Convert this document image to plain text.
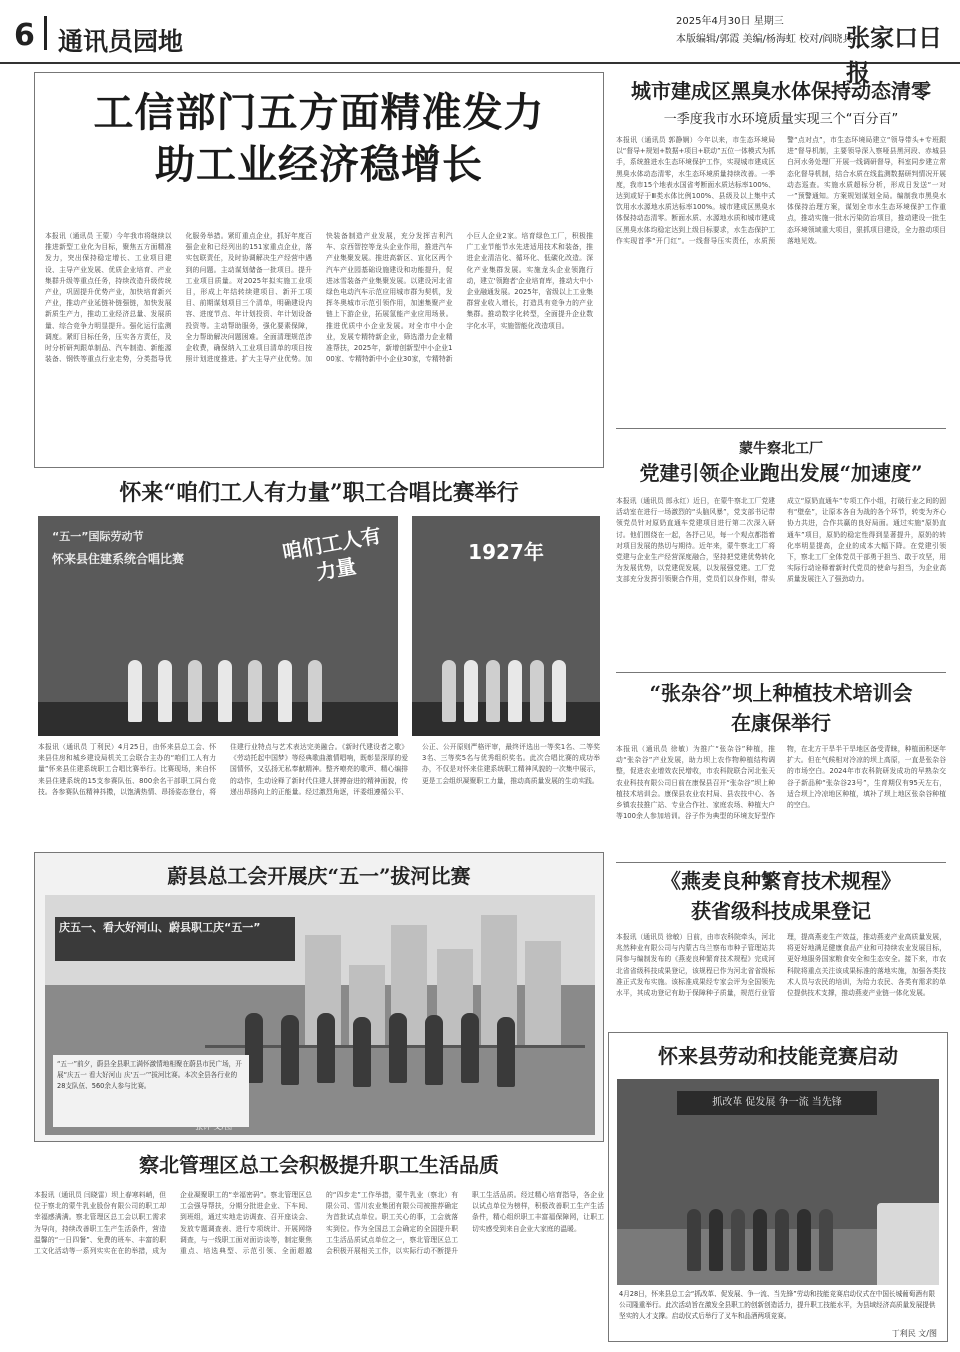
6 通讯员园地
2025年4月30日 星期三
本版编辑/郭霞 美编/杨海虹 校对/阎晓兵
张家口日报
工信部门五方面精准发力
助工业经济稳增长
本报讯（通讯员 王蒙）今年我市将继续以推进新型工业化为目标，聚焦五方面精准发力，突出保持稳定增长、工业项目建设、主导产业发展、优质企业培育、产业集群升级等重点任务，持续改造升级传统产业，巩固提升优势产业，加快培育新兴产业，推动产业延链补链强链，加快发展新质生产力，推动工业经济总量、发展质量、综合竞争力明显提升。强化运行监测调度。紧盯目标任务，压实各方责任，及时分析研判跟单制品、汽车制造、新能源装备、钢铁等重点行业走势，分类指导优化服务举措。紧盯重点企业，抓好年度百强企业和已经列出的151家重点企业，落实包联责任，及时协调解决生产经营中遇到的问题。主动谋划储备一批项目。提升工业项目质量。对2025年拟实施工业项目，形成上年结转续建项目、新开工项目、前期谋划项目三个清单，明确建设内容、进度节点、年计划投资、年计划设备投资等。主动帮助服务，强化要素保障，全力帮助解决问题困难。全面清理规范涉企收费，确保纳入工业项目清单的项目按照计划进度推进。扩大主导产业优势。加快装备制造产业发展，充分发挥吉利汽车、京西智控等龙头企业作用，推进汽车产业集聚发展。推进高新区、宣化区两个汽车产业园基础设施建设和功能提升，促进冰雪装备产业集聚发展。以建设河北省绿色电动汽车示范应用城市群为契机，发挥冬奥城市示范引领作用，加速集聚产业链上下游企业，拓展氢能产业应用场景。推进优质中小企业发展。对全市中小企业，发展专精特新企业，筛选潜力企业精准帮扶，2025年，新增创新型中小企业100家、专精特新中小企业30家，专精特新小巨人企业2家。培育绿色工厂，积极推广工业节能节水先进适用技术和装备，推进企业清洁化、循环化、低碳化改造。深化产业集群发展。实施龙头企业领跑行动，建立'领跑者'企业培育库，推动大中小企业融通发展。2025年，省级以上工业集群营业收入增长，打造具有竞争力的产业集群。推动数字化转型，全面提升企业数字化水平，实施智能化改造项目。
城市建成区黑臭水体保持动态清零
一季度我市水环境质量实现三个“百分百”
本报讯（通讯员 郭静娴）今年以来，市生态环境局以“督导+规划+数据+项目+联动”五位一体模式为抓手，系统推进水生态环境保护工作，实现城市建成区黑臭水体动态清零，水生态环境质量持续改善。一季度，我市15个地表水国省考断面水质达标率100%、达到或好于Ⅲ类水体比例100%、县级及以上集中式饮用水水源地水质达标率100%。城市建成区黑臭水体保持动态清零。断面水质、水源地水质和城市建成区黑臭水体均稳定达到上级目标要求，水生态保护工作实现首季“开门红”。一线督导压实责任，水质预警“点对点”，市生态环境局建立“领导带头+专班跟进”督导机制，主要领导深入察哑县黑河段、赤城县白河水务处理厂开展一线调研督导，科室同步建立常态化督导机制，结合水质在线监测数据研判情况开展动态巡查。实施水质超标分析，形成日发送“一对一”预警通知。方案规划谋划全局。编制我市黑臭水体保持治理方案，谋划全市水生态环境保护工作重点，推动实施一批水污染防治项目，推动建设一批生态环境领域重大项目，狠抓项目建设，全力推动项目落地见效。
蒙牛察北工厂
党建引领企业跑出发展“加速度”
本报讯（通讯员 郎永红）近日，在蒙牛察北工厂党建活动室在进行一场激烈的“头脑风暴”，党支部书记带领党员针对原奶直通车党建项目进行第二次深入研讨。他们围绕在一起，各抒己见，每一个观点都指着对项目发展的热切与期待。近年来，蒙牛察北工厂将党建与企业生产经营深度融合，坚持把党建优势转化为发展优势，以党建促发展，以发展强党建。工厂党支部充分发挥引领聚合作用，党员们以身作则，带头成立“原奶直通车”专项工作小组，打破行业之间的固有“壁垒”，让原本各自为战的各个环节，转变为齐心协力共进，合作共赢的良好局面。通过实施“原奶直通车”项目，原奶的稳定性得到显著提升，原奶的转化率明显提高，企业的成本大幅下降。在党建引领下，察北工厂全体党员干部勇于担当、敢于攻坚，用实际行动诠释着新时代党员的使命与担当，为企业高质量发展注入了强劲动力。
“张杂谷”坝上种植技术培训会
在康保举行
本报讯（通讯员 徐敏）为推广“张杂谷”种植，推动“张杂谷”产业发展，助力坝上农作物种植结构调整，促进农业增效农民增收，市农科院联合河北张天农业科技有限公司日前在康保县召开“张杂谷”坝上种植技术培训会。康保县农业农村局、县农技中心、各乡镇农技推广站、专业合作社、家庭农场、种植大户等100余人参加培训。谷子作为典型的环境友好型作物，在北方干旱半干旱地区备受青睐，种植面积逐年扩大。但在气候相对冷凉的坝上高原，一直是张杂谷的市场空白。2024年市农科院研发成功的早熟杂交谷子新品种“张杂谷23号”，生育期仅有95天左右，适合坝上冷凉地区种植，填补了坝上地区张杂谷种植的空白。
《燕麦良种繁育技术规程》
获省级科技成果登记
本报讯（通讯员 徐敏）日前，由市农科院牵头，河北兆然种业有限公司与内蒙古乌兰察布市种子管理站共同参与编制发布的《燕麦良种繁育技术规程》完成河北省省级科技成果登记，该规程已作为河北省省级标准正式发布实施。该标准成果经专家会评为全国领先水平，其成功登记有助于保障种子质量，规范行业管理，提高燕麦生产效益，推动燕麦产业高质量发展，将更好地满足健康食品产业和可持续农业发展目标，更好地服务国家粮食安全和生态安全。接下来，市农科院将重点关注该成果标准的落地实施，加强各类技术人员与农民的培训，为给力农民、各类有需求的单位提供技术支撑，推动燕麦产业链一体化发展。
怀来县劳动和技能竞赛启动
抓改革 促发展 争一流 当先锋
4月28日，怀来县总工会“抓改革、促发展、争一流、当先锋”劳动和技能竞赛启动仪式在中国长城葡萄酒有限公司隆重举行。此次活动旨在激发全县职工的创新创造活力，提升职工技能水平，为县域经济高质量发展提供坚实的人才支撑。启动仪式后举行了叉车和品酒两项竞赛。
丁利民 文/图
怀来“咱们工人有力量”职工合唱比赛举行
“五一”国际劳动节
怀来县住建系统合唱比赛	咱们工人有力量
1927年
本报讯（通讯员 丁利民）4月25日，由怀来县总工会、怀来县住房和城乡建设局机关工会联合主办的“咱们工人有力量”怀来县住建系统职工合唱比赛举行。比赛现场，来自怀来县住建系统的15支参赛队伍、800余名干部职工同台竞技。各参赛队伍精神抖擞，以饱满热情、昂扬姿态登台，将住建行业特点与艺术表达完美融合。《新时代建设者之歌》《劳动托起中国梦》等经典歌曲激情唱响，既彰显深厚的爱国情怀，又弘扬无私奉献精神。整齐嘹亮的歌声、精心编排的动作，生动诠释了新时代住建人拼搏奋进的精神面貌，传递出昂扬向上的正能量。经过激烈角逐，评委组遵循公平、公正、公开原则严格评审，最终评选出一等奖1名、二等奖3名、三等奖5名与优秀组织奖名。此次合唱比赛的成功举办，不仅是对怀来住建系统职工精神风貌的一次集中展示，更是工会组织凝聚职工力量，推动高质量发展的生动实践。
蔚县总工会开展庆“五一”拔河比赛
庆五一、看大好河山、蔚县职工庆“五一”
“五一”前夕，蔚县全县职工满怀激情地相聚在蔚县市民广场，开展“庆五一 看大好河山 庆‘五一’”拔河比赛。本次全县各行业的28支队伍、560余人参与比赛。
张钟 文/图
察北管理区总工会积极提升职工生活品质
本报讯（通讯员 闫晓雷）坝上春寒料峭，但位于察北的蒙牛乳业股份有限公司的职工却幸福感满满。察北管理区总工会以职工需求为导向，持续改善职工生产生活条件，营造温馨的“一日四餐”、免费的班车、丰富的职工文化活动等一系列实实在在的举措，成为企业凝聚职工的“幸福密码”。察北管理区总工会强导帮扶，分期分批进企业、下车间、到班组，通过实地走访调查、召开座谈会、发放专题调查表、进行专项统计、开展网络调查，与一线职工面对面访谈等，制定聚焦重点、培选典型、示范引领、全面超越的“四步走”工作举措，蒙牛乳业（察北）有限公司、雪川农业集团有限公司被推荐确定为首批试点单位。职工关心的事，工会就落实到位。作为全国总工会确定的全国提升职工生活品质试点单位之一，察北管理区总工会积极开展相关工作，以实际行动不断提升职工生活品质。经过精心培育指导，各企业以试点单位为榜样，积极改善职工生产生活条件，精心组织职工丰富福保障网，让职工切实感受到来自企业大家庭的温暖。
